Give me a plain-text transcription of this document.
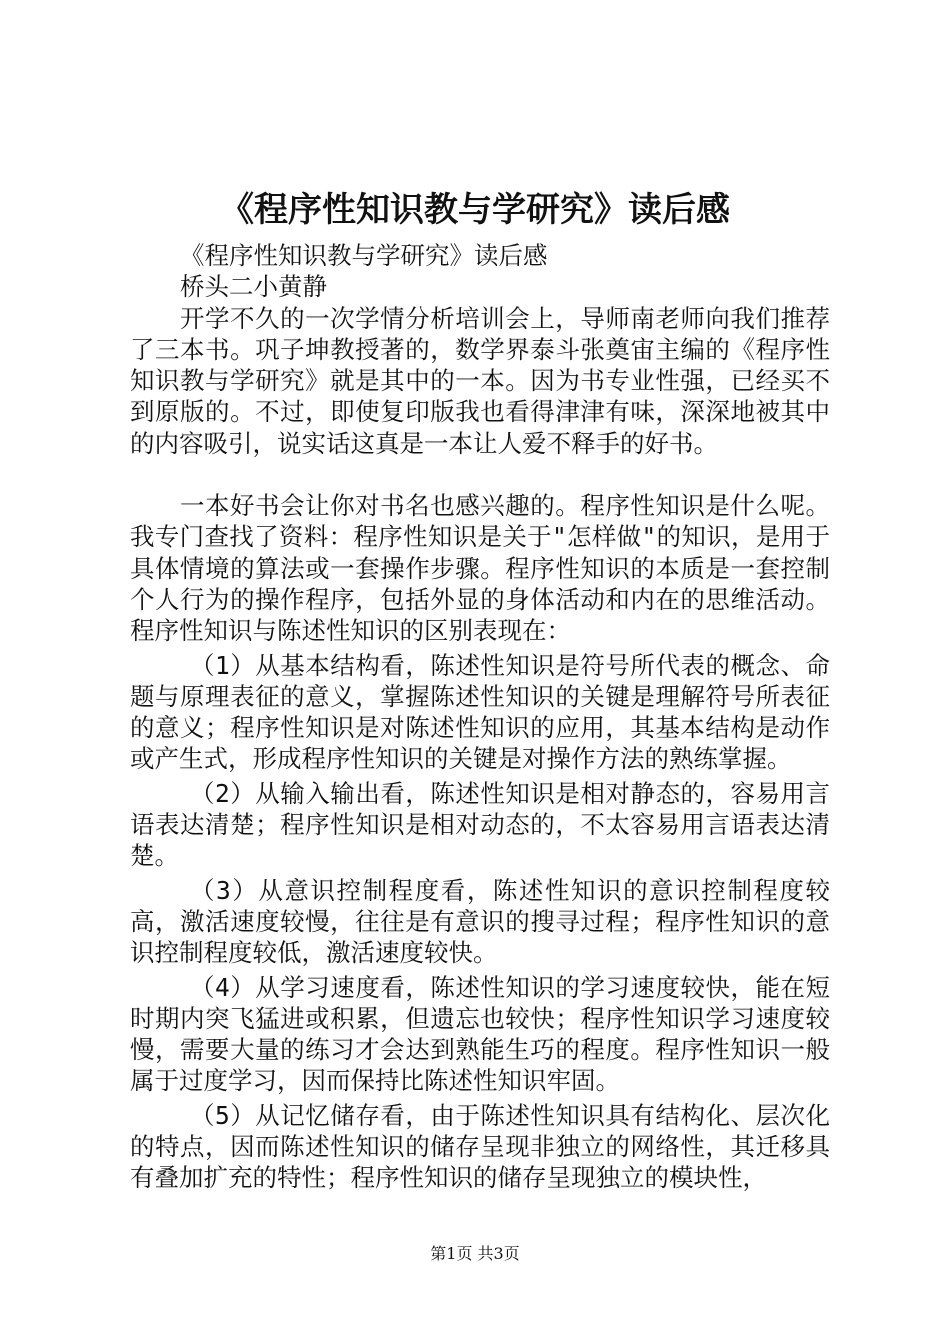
《程序性知识教与学研究》读后感

《程序性知识教与学研究》读后感

桥头二小黄静

开学不久的一次学情分析培训会上，导师南老师向我们推荐了三本书。巩子坤教授著的，数学界泰斗张奠宙主编的《程序性知识教与学研究》就是其中的一本。因为书专业性强，已经买不到原版的。不过，即使复印版我也看得津津有味，深深地被其中的内容吸引，说实话这真是一本让人爱不释手的好书。

一本好书会让你对书名也感兴趣的。程序性知识是什么呢。我专门查找了资料：程序性知识是关于"怎样做"的知识，是用于具体情境的算法或一套操作步骤。程序性知识的本质是一套控制个人行为的操作程序，包括外显的身体活动和内在的思维活动。程序性知识与陈述性知识的区别表现在：

（1）从基本结构看，陈述性知识是符号所代表的概念、命题与原理表征的意义，掌握陈述性知识的关键是理解符号所表征的意义；程序性知识是对陈述性知识的应用，其基本结构是动作或产生式，形成程序性知识的关键是对操作方法的熟练掌握。

（2）从输入输出看，陈述性知识是相对静态的，容易用言语表达清楚；程序性知识是相对动态的，不太容易用言语表达清楚。

（3）从意识控制程度看，陈述性知识的意识控制程度较高，激活速度较慢，往往是有意识的搜寻过程；程序性知识的意识控制程度较低，激活速度较快。

（4）从学习速度看，陈述性知识的学习速度较快，能在短时期内突飞猛进或积累，但遗忘也较快；程序性知识学习速度较慢，需要大量的练习才会达到熟能生巧的程度。程序性知识一般属于过度学习，因而保持比陈述性知识牢固。

（5）从记忆储存看，由于陈述性知识具有结构化、层次化的特点，因而陈述性知识的储存呈现非独立的网络性，其迁移具有叠加扩充的特性；程序性知识的储存呈现独立的模块性，

第1页 共3页
